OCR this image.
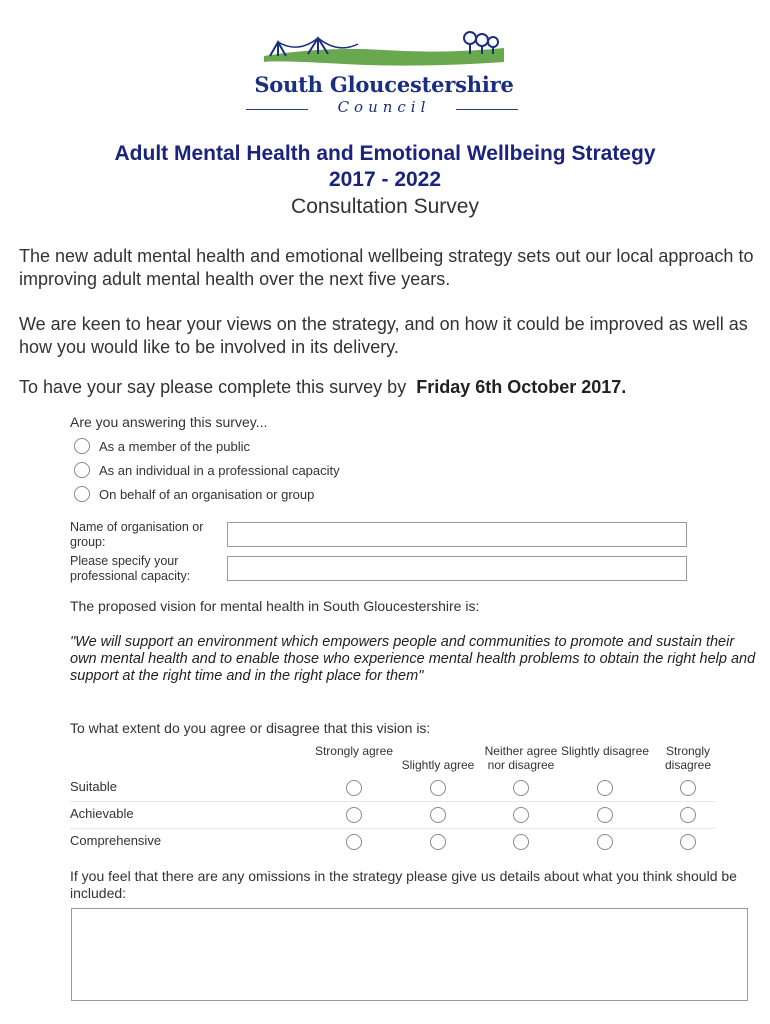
South Gloucestershire
Council
Adult Mental Health and Emotional Wellbeing Strategy
2017 - 2022
Consultation Survey
The new adult mental health and emotional wellbeing strategy sets out our local approach to improving adult mental health over the next five years.
We are keen to hear your views on the strategy, and on how it could be improved as well as how you would like to be involved in its delivery.
To have your say please complete this survey by Friday 6th October 2017.
Are you answering this survey...
As a member of the public
As an individual in a professional capacity
On behalf of an organisation or group
Name of organisation or group:
Please specify your professional capacity:
The proposed vision for mental health in South Gloucestershire is:
"We will support an environment which empowers people and communities to promote and sustain their own mental health and to enable those who experience mental health problems to obtain the right help and support at the right time and in the right place for them"
To what extent do you agree or disagree that this vision is:
Strongly agree
Slightly agree
Neither agree nor disagree
Slightly disagree	Strongly disagree
Suitable
Achievable
Comprehensive
If you feel that there are any omissions in the strategy please give us details about what you think should be included:
